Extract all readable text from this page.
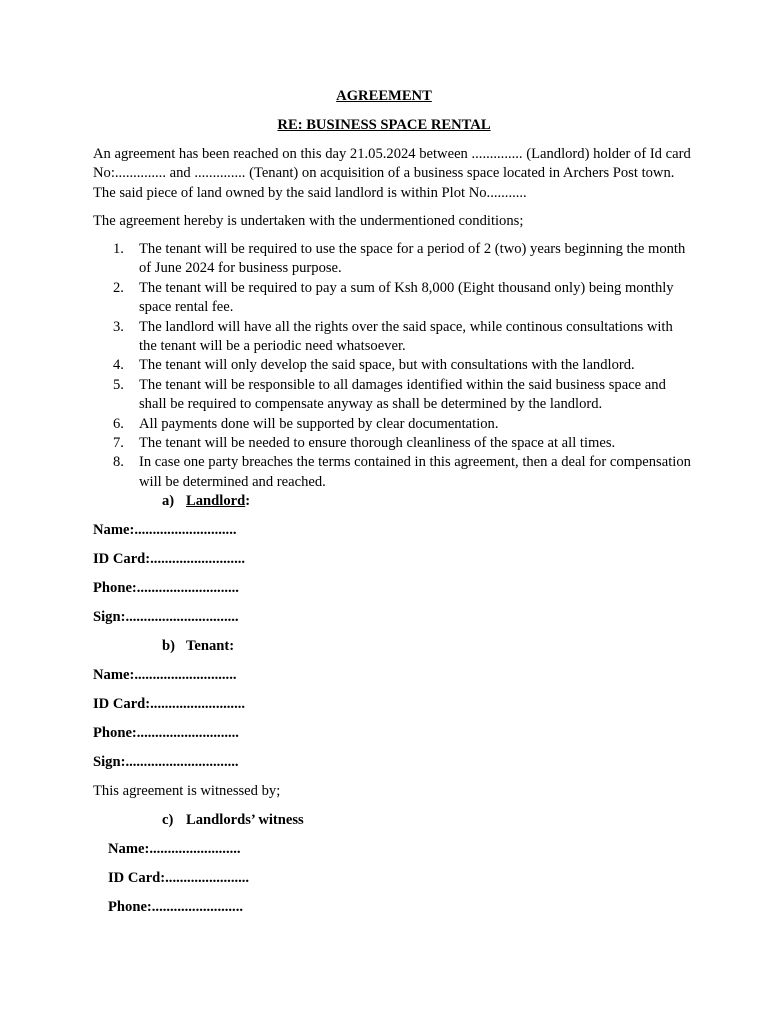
AGREEMENT

RE: BUSINESS SPACE RENTAL

An agreement has been reached on this day 21.05.2024 between .............. (Landlord) holder of Id card No:.............. and .............. (Tenant) on acquisition of a business space located in Archers Post town. The said piece of land owned by the said landlord is within Plot No...........

The agreement hereby is undertaken with the undermentioned conditions;

1. The tenant will be required to use the space for a period of 2 (two) years beginning the month of June 2024 for business purpose.
2. The tenant will be required to pay a sum of Ksh 8,000 (Eight thousand only) being monthly space rental fee.
3. The landlord will have all the rights over the said space, while continous consultations with the tenant will be a periodic need whatsoever.
4. The tenant will only develop the said space, but with consultations with the landlord.
5. The tenant will be responsible to all damages identified within the said business space and shall be required to compensate anyway as shall be determined by the landlord.
6. All payments done will be supported by clear documentation.
7. The tenant will be needed to ensure thorough cleanliness of the space at all times.
8. In case one party breaches the terms contained in this agreement, then a deal for compensation will be determined and reached.

a) Landlord:

Name:............................

ID Card:..........................

Phone:............................

Sign:...............................

b) Tenant:

Name:............................

ID Card:..........................

Phone:............................

Sign:...............................

This agreement is witnessed by;

c) Landlords’ witness

Name:.........................

ID Card:.......................

Phone:.........................
